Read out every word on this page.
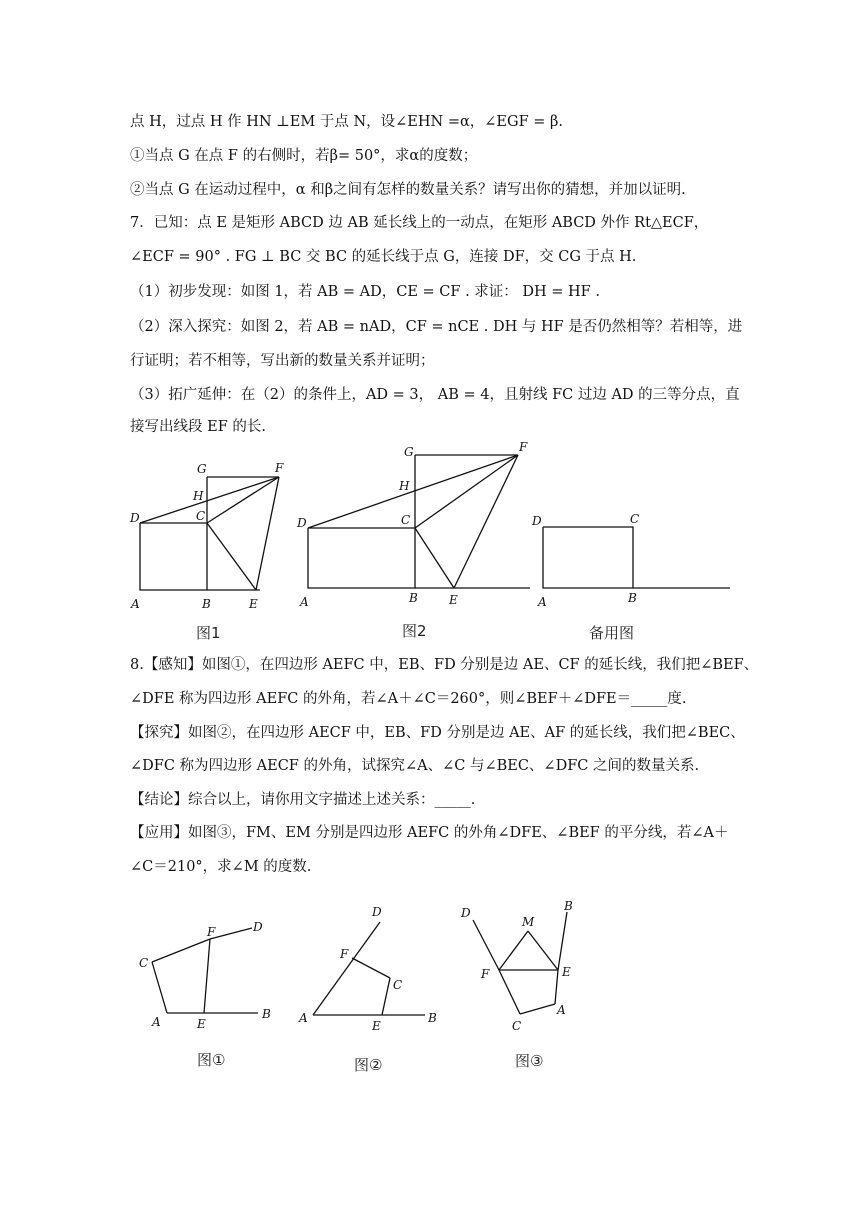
点 H，过点 H 作 HN ⊥EM 于点 N，设∠EHN =α，∠EGF = β.
①当点 G 在点 F 的右侧时，若β= 50°，求α的度数；
②当点 G 在运动过程中，α 和β之间有怎样的数量关系？请写出你的猜想，并加以证明.
7．已知：点 E 是矩形 ABCD 边 AB 延长线上的一动点，在矩形 ABCD 外作 Rt△ECF，
∠ECF = 90° . FG ⊥ BC 交 BC 的延长线于点 G，连接 DF，交 CG 于点 H.
（1）初步发现：如图 1，若 AB = AD，CE = CF . 求证： DH = HF .
（2）深入探究：如图 2，若 AB = nAD，CF = nCE . DH 与 HF 是否仍然相等？若相等，进
行证明；若不相等，写出新的数量关系并证明；
（3）拓广延伸：在（2）的条件上，AD = 3， AB = 4，且射线 FC 过边 AD 的三等分点，直
接写出线段 EF 的长.
A	B
C
D
E
F
G
H
图1
A	B
C
D
E
F
G
H
图2
A	B
C
D
备用图
8.【感知】如图①，在四边形 AEFC 中，EB、FD 分别是边 AE、CF 的延长线，我们把∠BEF、
∠DFE 称为四边形 AEFC 的外角，若∠A＋∠C＝260°，则∠BEF＋∠DFE＝_____度.
【探究】如图②，在四边形 AECF 中，EB、FD 分别是边 AE、AF 的延长线，我们把∠BEC、
∠DFC 称为四边形 AECF 的外角，试探究∠A、∠C 与∠BEC、∠DFC 之间的数量关系.
【结论】综合以上，请你用文字描述上述关系：_____.
【应用】如图③，FM、EM 分别是四边形 AEFC 的外角∠DFE、∠BEF 的平分线，若∠A＋
∠C＝210°，求∠M 的度数.
A
B
C
D
E
F
图①
A	B
C
D
E
F
图②
D
M
B
F	E
A
C
图③
